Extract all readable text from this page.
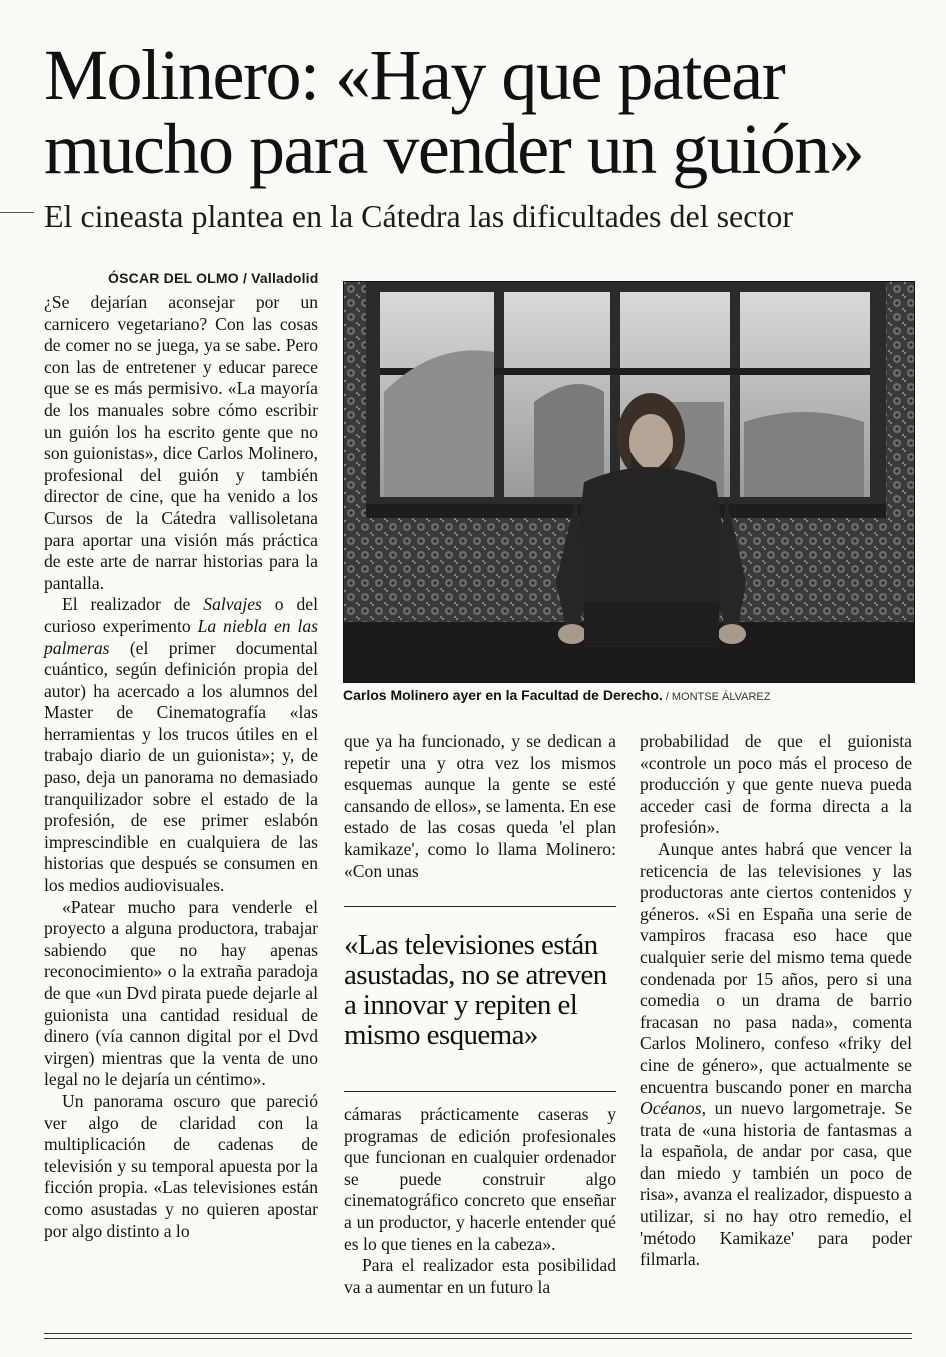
Molinero: «Hay que patear
mucho para vender un guión»
El cineasta plantea en la Cátedra las dificultades del sector
ÓSCAR DEL OLMO / Valladolid

¿Se dejarían aconsejar por un carnicero vegetariano? Con las cosas de comer no se juega, ya se sabe. Pero con las de entretener y educar parece que se es más permisivo. «La mayoría de los manuales sobre cómo escribir un guión los ha escrito gente que no son guionistas», dice Carlos Molinero, profesional del guión y también director de cine, que ha venido a los Cursos de la Cátedra vallisoletana para aportar una visión más práctica de este arte de narrar historias para la pantalla.

El realizador de Salvajes o del curioso experimento La niebla en las palmeras (el primer documental cuántico, según definición propia del autor) ha acercado a los alumnos del Master de Cinematografía «las herramientas y los trucos útiles en el trabajo diario de un guionista»; y, de paso, deja un panorama no demasiado tranquilizador sobre el estado de la profesión, de ese primer eslabón imprescindible en cualquiera de las historias que después se consumen en los medios audiovisuales.

«Patear mucho para venderle el proyecto a alguna productora, trabajar sabiendo que no hay apenas reconocimiento» o la extraña paradoja de que «un Dvd pirata puede dejarle al guionista una cantidad residual de dinero (vía cannon digital por el Dvd virgen) mientras que la venta de uno legal no le dejaría un céntimo».

Un panorama oscuro que pareció ver algo de claridad con la multiplicación de cadenas de televisión y su temporal apuesta por la ficción propia. «Las televisiones están como asustadas y no quieren apostar por algo distinto a lo

Carlos Molinero ayer en la Facultad de Derecho. / MONTSE ÁLVAREZ

que ya ha funcionado, y se dedican a repetir una y otra vez los mismos esquemas aunque la gente se esté cansando de ellos», se lamenta. En ese estado de las cosas queda 'el plan kamikaze', como lo llama Molinero: «Con unas

«Las televisiones están asustadas, no se atreven a innovar y repiten el mismo esquema»

cámaras prácticamente caseras y programas de edición profesionales que funcionan en cualquier ordenador se puede construir algo cinematográfico concreto que enseñar a un productor, y hacerle entender qué es lo que tienes en la cabeza».

Para el realizador esta posibilidad va a aumentar en un futuro la

probabilidad de que el guionista «controle un poco más el proceso de producción y que gente nueva pueda acceder casi de forma directa a la profesión».

Aunque antes habrá que vencer la reticencia de las televisiones y las productoras ante ciertos contenidos y géneros. «Si en España una serie de vampiros fracasa eso hace que cualquier serie del mismo tema quede condenada por 15 años, pero si una comedia o un drama de barrio fracasan no pasa nada», comenta Carlos Molinero, confeso «friky del cine de género», que actualmente se encuentra buscando poner en marcha Océanos, un nuevo largometraje. Se trata de «una historia de fantasmas a la española, de andar por casa, que dan miedo y también un poco de risa», avanza el realizador, dispuesto a utilizar, si no hay otro remedio, el 'método Kamikaze' para poder filmarla.
